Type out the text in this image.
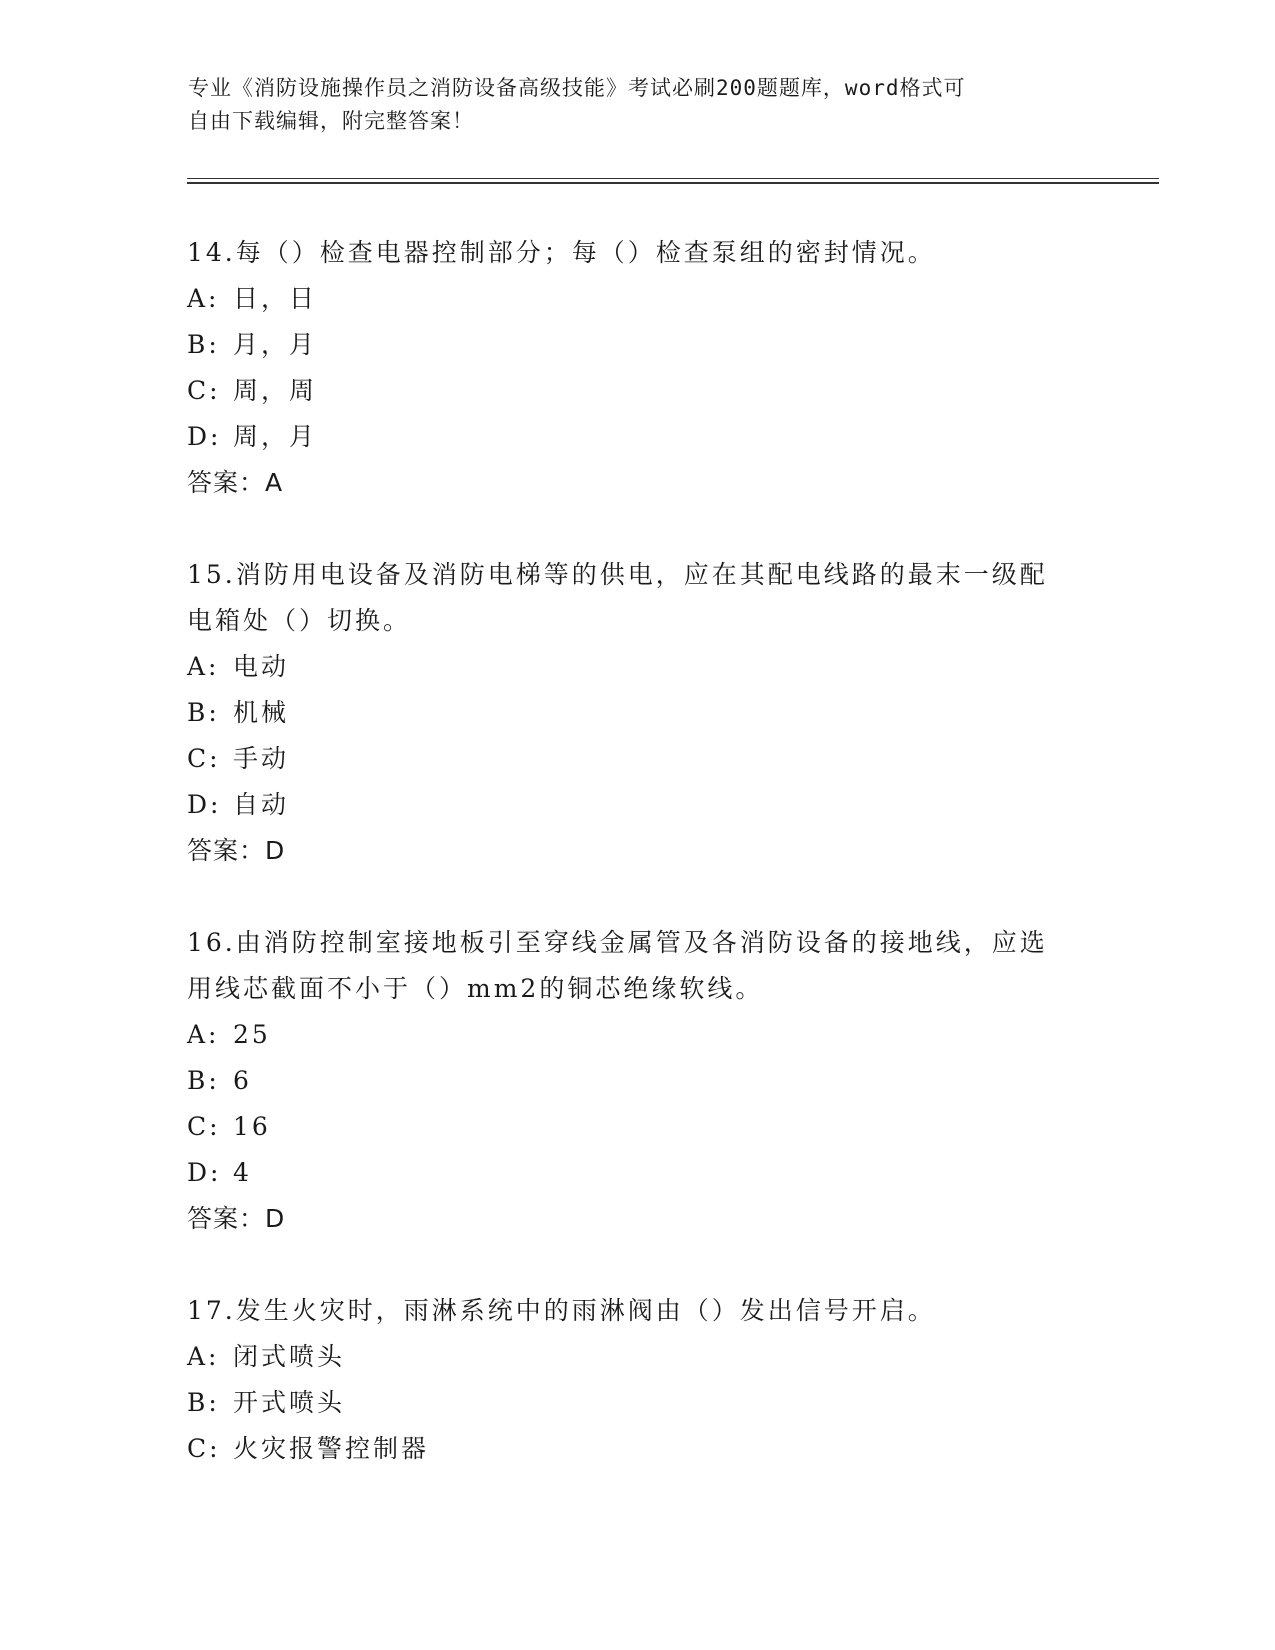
专业《消防设施操作员之消防设备高级技能》考试必刷200题题库，word格式可
自由下载编辑，附完整答案！
14.每（）检查电器控制部分；每（）检查泵组的密封情况。
A: 日，日
B: 月，月
C: 周，周
D: 周，月
答案：A
15.消防用电设备及消防电梯等的供电，应在其配电线路的最末一级配
电箱处（）切换。
A: 电动
B: 机械
C: 手动
D: 自动
答案：D
16.由消防控制室接地板引至穿线金属管及各消防设备的接地线，应选
用线芯截面不小于（）mm2的铜芯绝缘软线。
A: 25
B: 6
C: 16
D: 4
答案：D
17.发生火灾时，雨淋系统中的雨淋阀由（）发出信号开启。
A: 闭式喷头
B: 开式喷头
C: 火灾报警控制器
